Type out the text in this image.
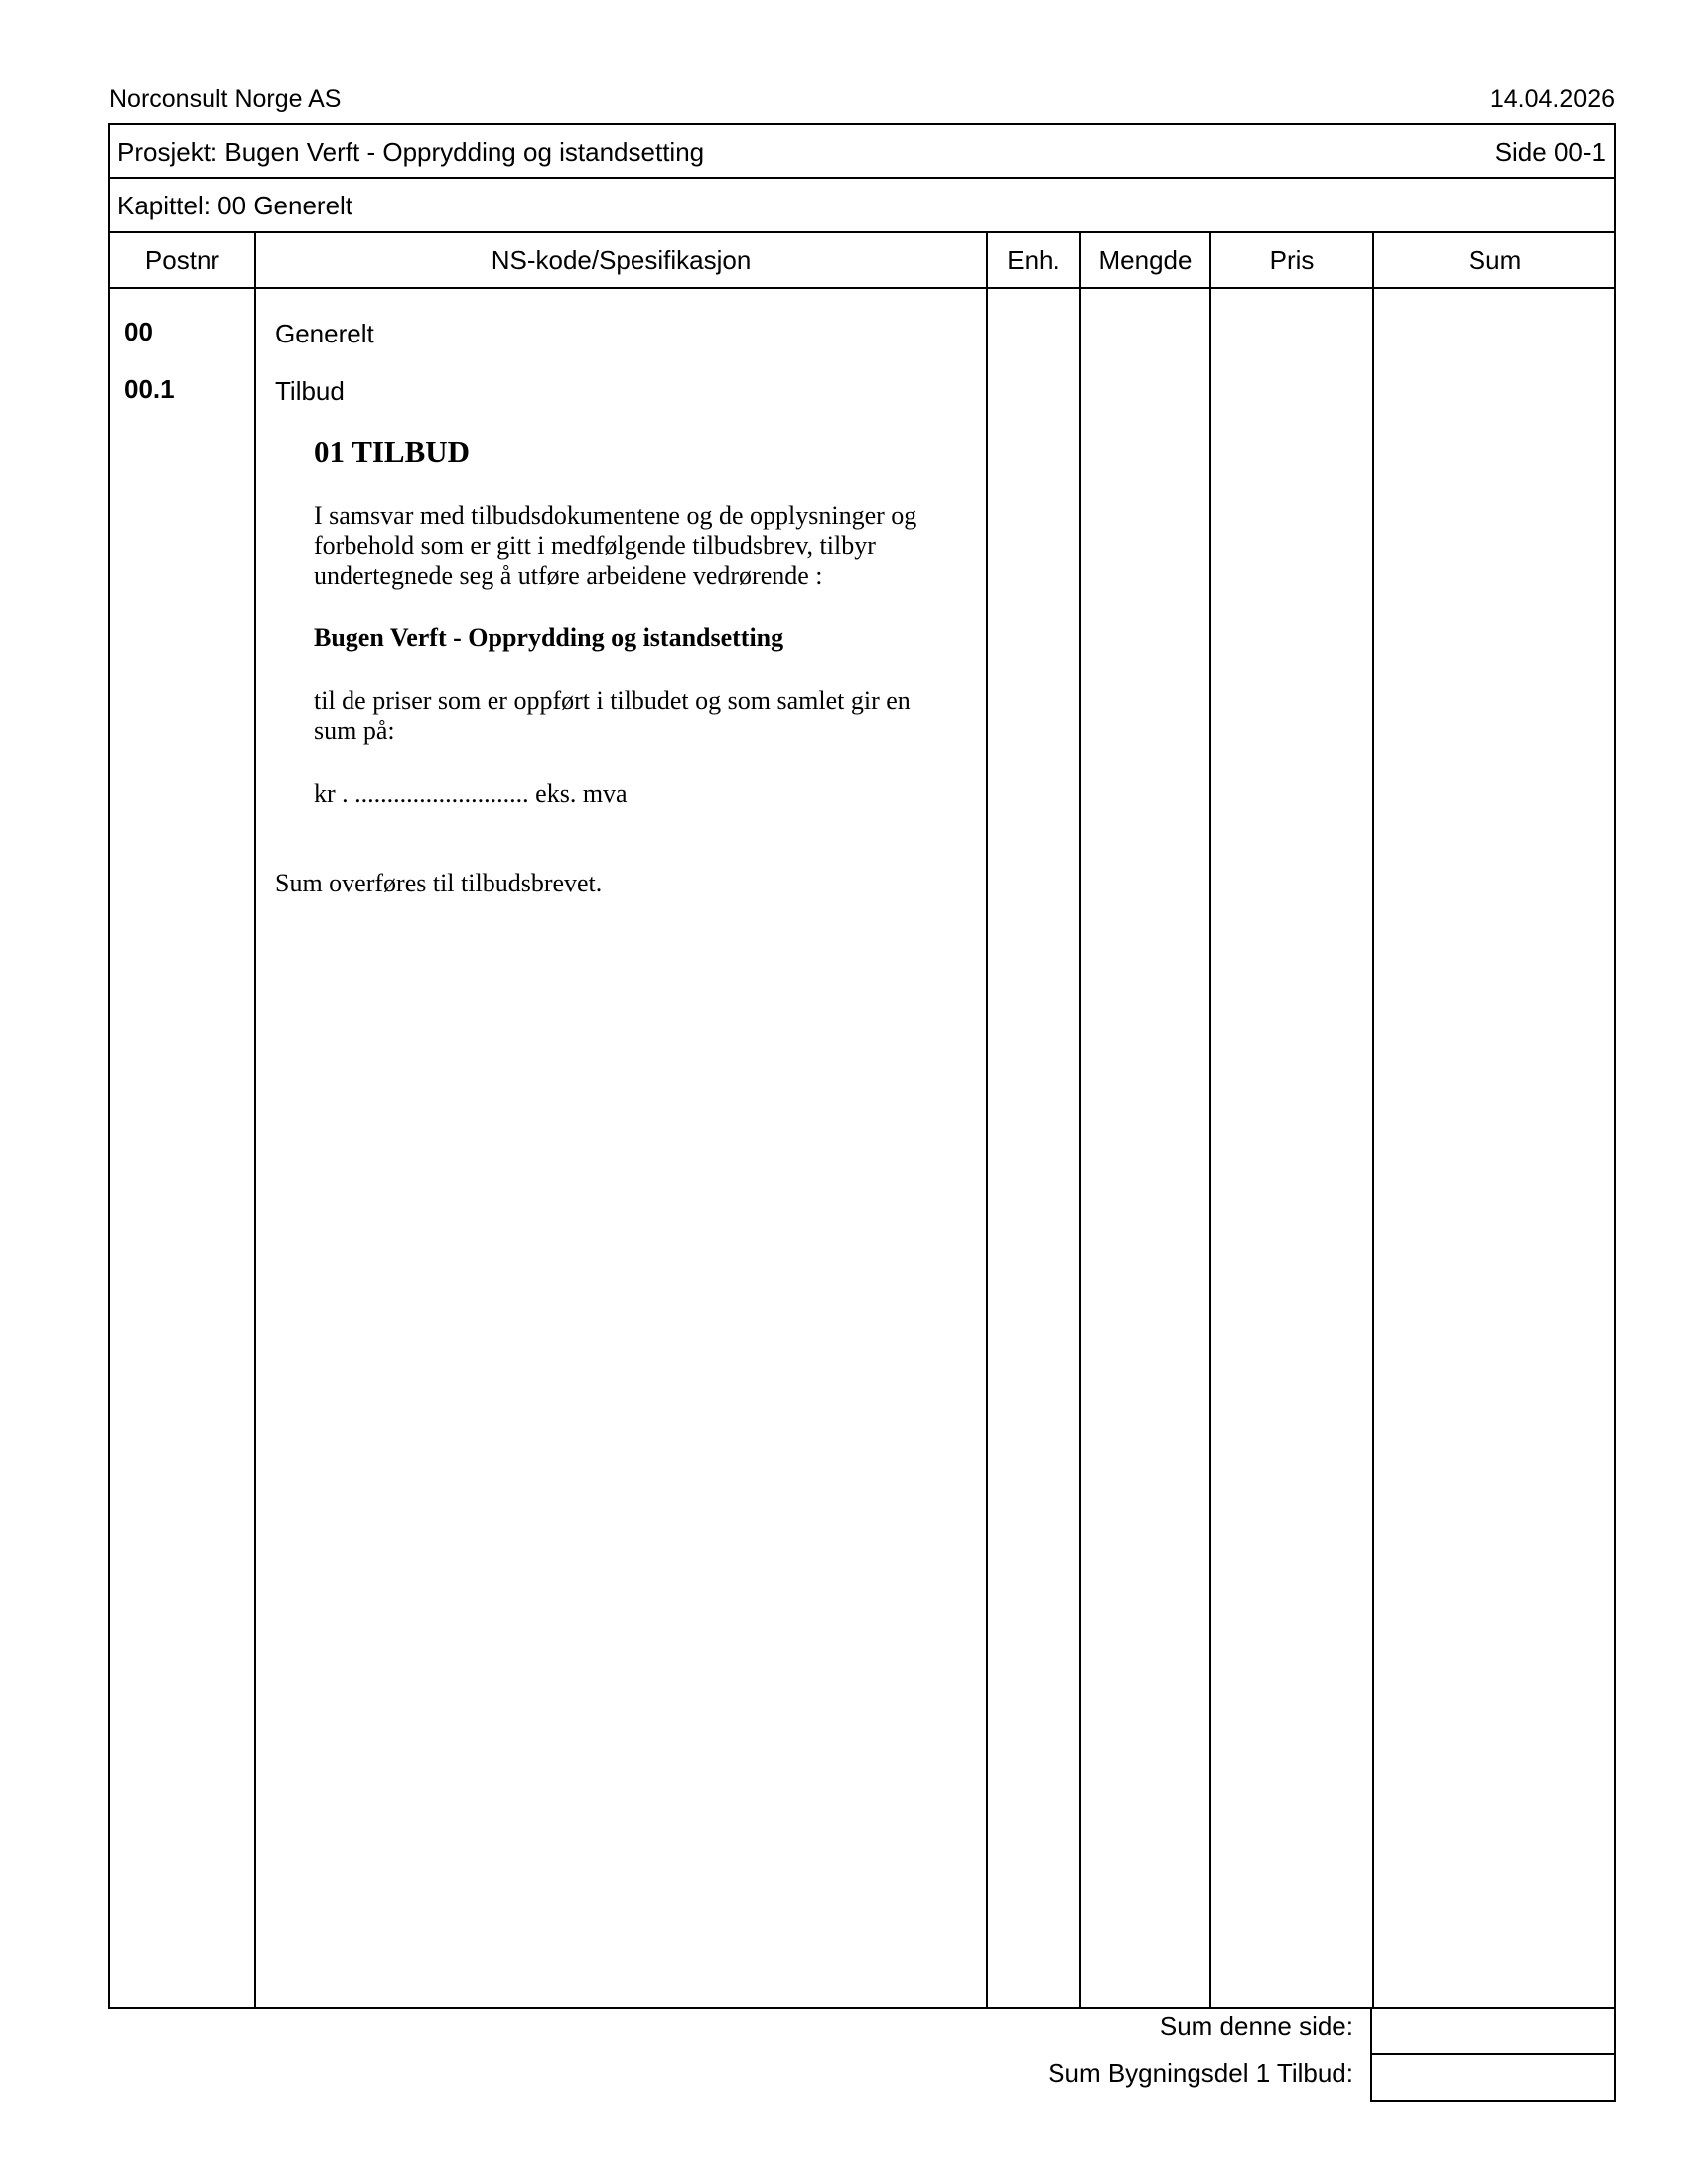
Norconsult Norge AS	14.04.2026
Prosjekt: Bugen Verft - Opprydding og istandsetting	Side 00-1
Kapittel: 00 Generelt
Postnr	NS-kode/Spesifikasjon	Enh.	Mengde	Pris	Sum
00	Generelt
00.1	Tilbud
01 TILBUD
I samsvar med tilbudsdokumentene og de opplysninger og
forbehold som er gitt i medfølgende tilbudsbrev, tilbyr
undertegnede seg å utføre arbeidene vedrørende :
Bugen Verft - Opprydding og istandsetting
til de priser som er oppført i tilbudet og som samlet gir en
sum på:
kr . ........................... eks. mva
Sum overføres til tilbudsbrevet.
Sum denne side:
Sum Bygningsdel 1 Tilbud:
